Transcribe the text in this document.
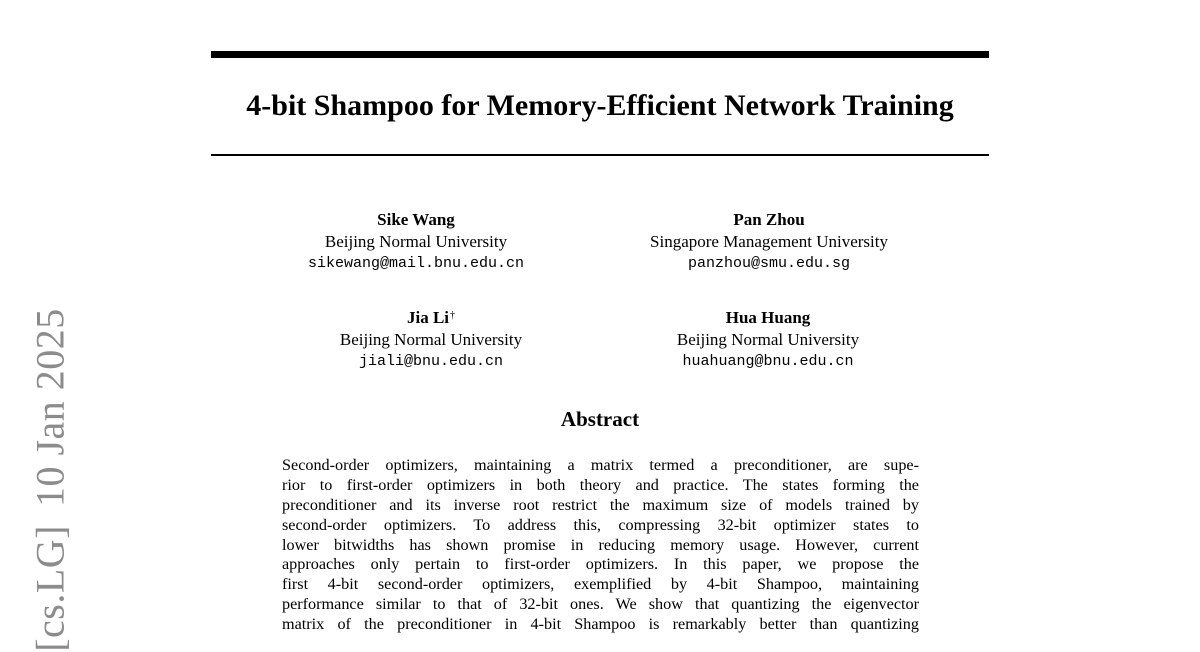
4-bit Shampoo for Memory-Efficient Network Training
Sike Wang
Beijing Normal University
sikewang@mail.bnu.edu.cn
Pan Zhou
Singapore Management University
panzhou@smu.edu.sg
Jia Li†
Beijing Normal University
jiali@bnu.edu.cn
Hua Huang
Beijing Normal University
huahuang@bnu.edu.cn
Abstract
Second-order optimizers, maintaining a matrix termed a preconditioner, are supe-
rior to first-order optimizers in both theory and practice. The states forming the
preconditioner and its inverse root restrict the maximum size of models trained by
second-order optimizers. To address this, compressing 32-bit optimizer states to
lower bitwidths has shown promise in reducing memory usage. However, current
approaches only pertain to first-order optimizers. In this paper, we propose the
first 4-bit second-order optimizers, exemplified by 4-bit Shampoo, maintaining
performance similar to that of 32-bit ones. We show that quantizing the eigenvector
matrix of the preconditioner in 4-bit Shampoo is remarkably better than quantizing
[cs.LG]10 Jan 2025
